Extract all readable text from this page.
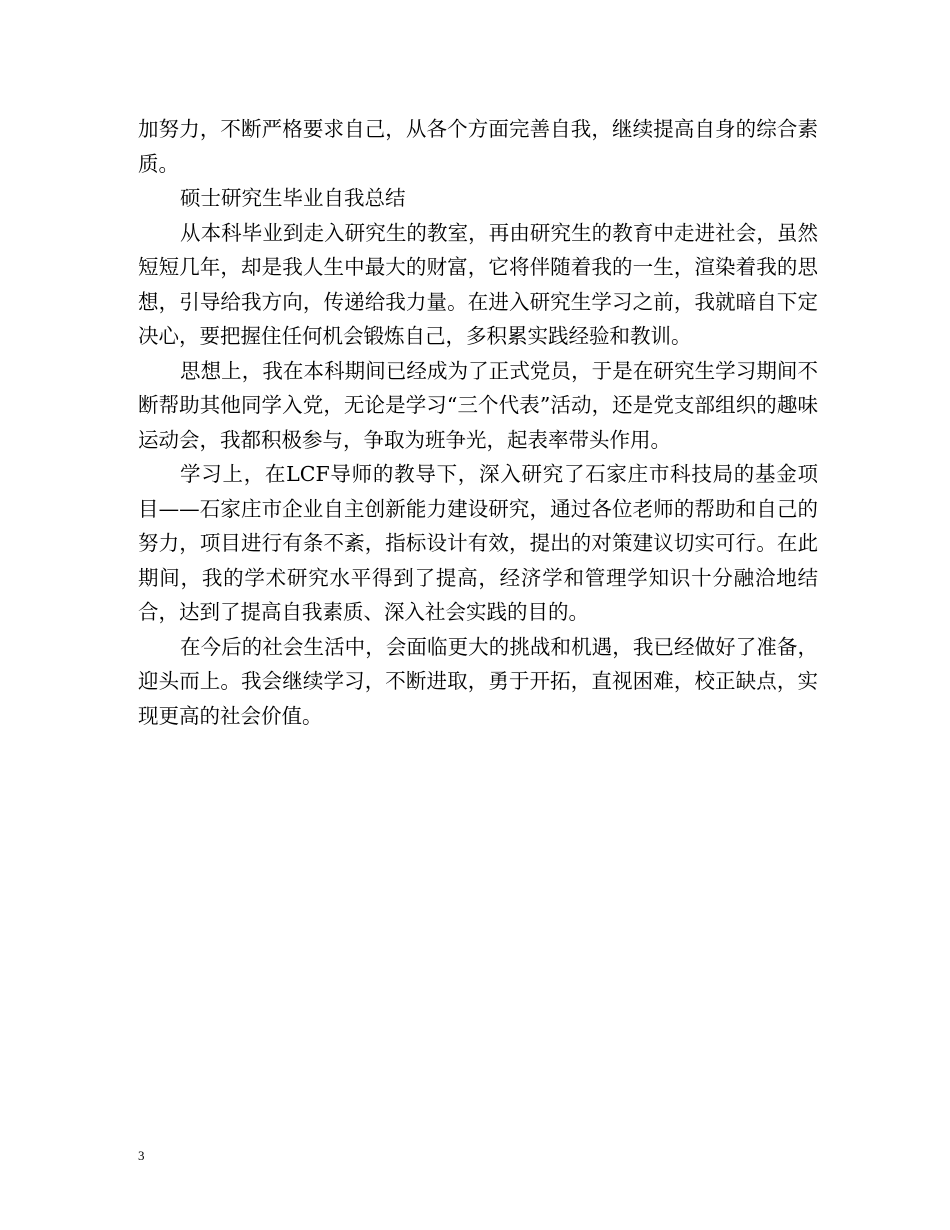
加努力，不断严格要求自己，从各个方面完善自我，继续提高自身的综合素质。

硕士研究生毕业自我总结

从本科毕业到走入研究生的教室，再由研究生的教育中走进社会，虽然短短几年，却是我人生中最大的财富，它将伴随着我的一生，渲染着我的思想，引导给我方向，传递给我力量。在进入研究生学习之前，我就暗自下定决心，要把握住任何机会锻炼自己，多积累实践经验和教训。

思想上，我在本科期间已经成为了正式党员，于是在研究生学习期间不断帮助其他同学入党，无论是学习“三个代表”活动，还是党支部组织的趣味运动会，我都积极参与，争取为班争光，起表率带头作用。

学习上，在LCF导师的教导下，深入研究了石家庄市科技局的基金项目——石家庄市企业自主创新能力建设研究，通过各位老师的帮助和自己的努力，项目进行有条不紊，指标设计有效，提出的对策建议切实可行。在此期间，我的学术研究水平得到了提高，经济学和管理学知识十分融洽地结合，达到了提高自我素质、深入社会实践的目的。

在今后的社会生活中，会面临更大的挑战和机遇，我已经做好了准备，迎头而上。我会继续学习，不断进取，勇于开拓，直视困难，校正缺点，实现更高的社会价值。

3
